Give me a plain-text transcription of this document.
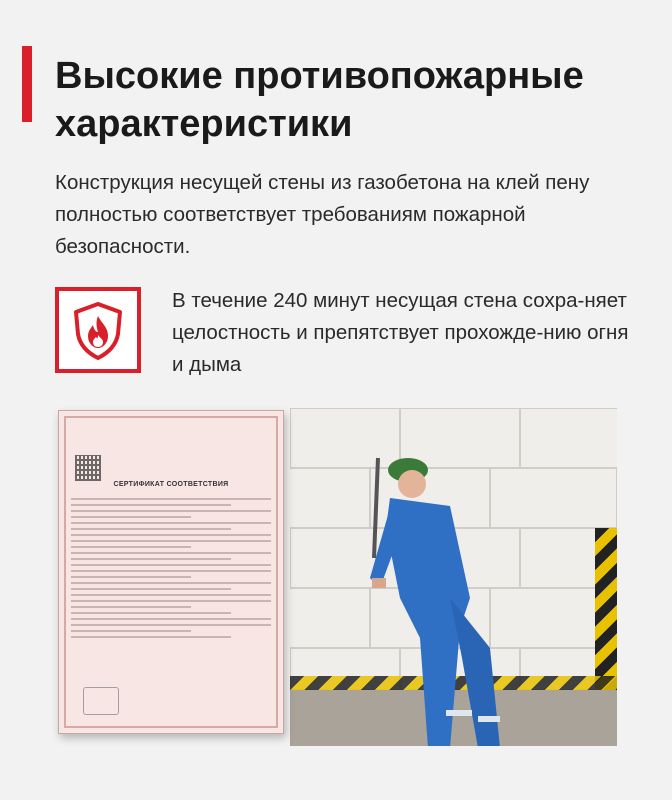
Высокие противопожарные характеристики

Конструкция несущей стены из газобетона на клей пену полностью соответствует требованиям пожарной безопасности.

В течение 240 минут несущая стена сохра-няет целостность и препятствует прохожде-нию огня и дыма

СЕРТИФИКАТ СООТВЕТСТВИЯ
